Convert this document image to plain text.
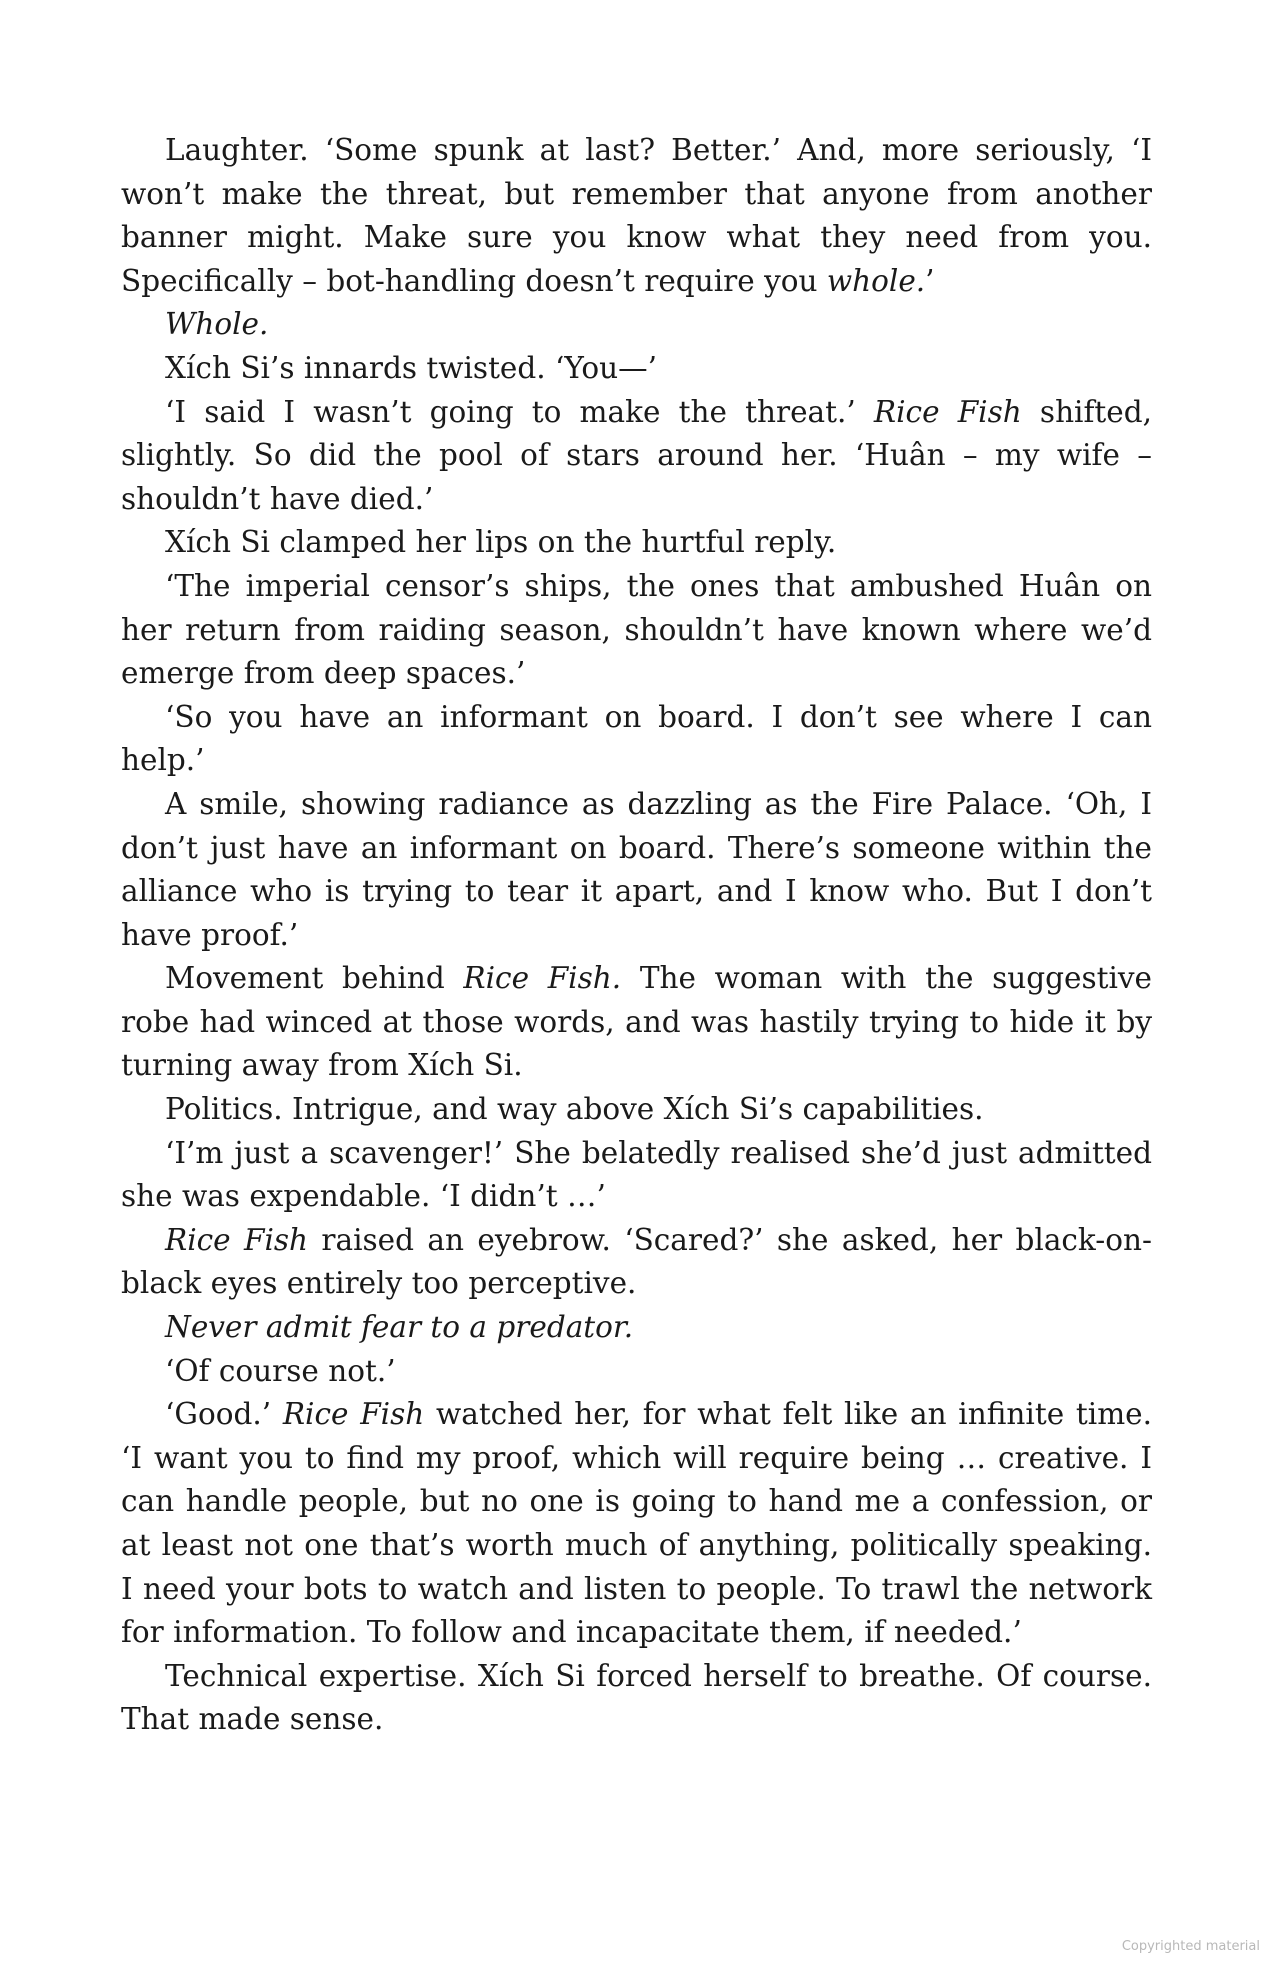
Laughter. ‘Some spunk at last? Better.’ And, more seriously, ‘I won’t make the threat, but remember that anyone from another banner might. Make sure you know what they need from you. Specifically – bot-handling doesn’t require you whole.’

Whole.

Xích Si’s innards twisted. ‘You—’

‘I said I wasn’t going to make the threat.’ Rice Fish shifted, slightly. So did the pool of stars around her. ‘Huân – my wife – shouldn’t have died.’

Xích Si clamped her lips on the hurtful reply.

‘The imperial censor’s ships, the ones that ambushed Huân on her return from raiding season, shouldn’t have known where we’d emerge from deep spaces.’

‘So you have an informant on board. I don’t see where I can help.’

A smile, showing radiance as dazzling as the Fire Palace. ‘Oh, I don’t just have an informant on board. There’s someone within the alliance who is trying to tear it apart, and I know who. But I don’t have proof.’

Movement behind Rice Fish. The woman with the suggestive robe had winced at those words, and was hastily trying to hide it by turning away from Xích Si.

Politics. Intrigue, and way above Xích Si’s capabilities.

‘I’m just a scavenger!’ She belatedly realised she’d just admitted she was expendable. ‘I didn’t …’

Rice Fish raised an eyebrow. ‘Scared?’ she asked, her black-on-black eyes entirely too perceptive.

Never admit fear to a predator.

‘Of course not.’

‘Good.’ Rice Fish watched her, for what felt like an infinite time. ‘I want you to find my proof, which will require being … creative. I can handle people, but no one is going to hand me a confession, or at least not one that’s worth much of anything, politically speaking. I need your bots to watch and listen to people. To trawl the network for information. To follow and incapacitate them, if needed.’

Technical expertise. Xích Si forced herself to breathe. Of course. That made sense.

Copyrighted material
